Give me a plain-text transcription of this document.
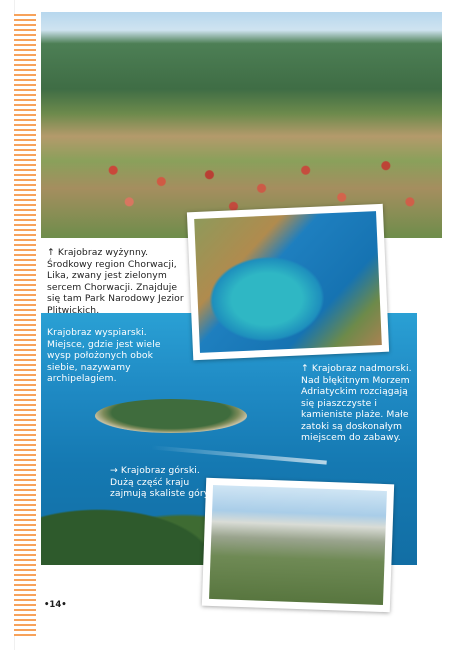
↑ Krajobraz wyżynny. Środkowy region Chorwacji, Lika, zwany jest zielonym sercem Chorwacji. Znajduje się tam Park Narodowy Jezior Plitwickich.
Krajobraz wyspiarski. Miejsce, gdzie jest wiele wysp położonych obok siebie, nazywamy archipelagiem.
↑ Krajobraz nadmorski. Nad błękitnym Morzem Adriatyckim rozciągają się piaszczyste i kamieniste plaże. Małe zatoki są doskonałym miejscem do zabawy.
→ Krajobraz górski. Dużą część kraju zajmują skaliste góry.
•14•
